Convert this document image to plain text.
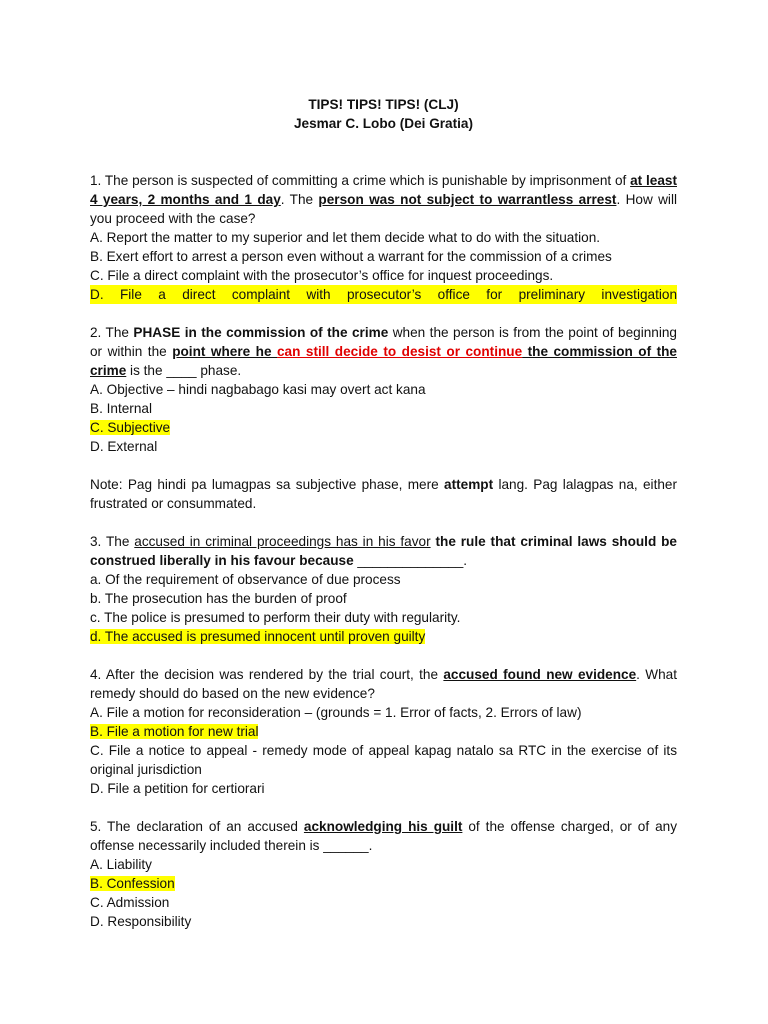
TIPS! TIPS! TIPS! (CLJ)

Jesmar C. Lobo (Dei Gratia)

1. The person is suspected of committing a crime which is punishable by imprisonment of at least 4 years, 2 months and 1 day. The person was not subject to warrantless arrest. How will you proceed with the case?

A. Report the matter to my superior and let them decide what to do with the situation.

B. Exert effort to arrest a person even without a warrant for the commission of a crimes

C. File a direct complaint with the prosecutor’s office for inquest proceedings.

D. File a direct complaint with prosecutor’s office for preliminary investigation

2. The PHASE in the commission of the crime when the person is from the point of beginning or within the point where he can still decide to desist or continue the commission of the crime is the ____ phase.

A. Objective – hindi nagbabago kasi may overt act kana

B. Internal

C. Subjective

D. External

Note: Pag hindi pa lumagpas sa subjective phase, mere attempt lang. Pag lalagpas na, either frustrated or consummated.

3. The accused in criminal proceedings has in his favor the rule that criminal laws should be construed liberally in his favour because ______________.

a. Of the requirement of observance of due process

b. The prosecution has the burden of proof

c. The police is presumed to perform their duty with regularity.

d. The accused is presumed innocent until proven guilty

4. After the decision was rendered by the trial court, the accused found new evidence. What remedy should do based on the new evidence?

A. File a motion for reconsideration – (grounds = 1. Error of facts, 2. Errors of law)

B. File a motion for new trial

C. File a notice to appeal - remedy mode of appeal kapag natalo sa RTC in the exercise of its original jurisdiction

D. File a petition for certiorari

5. The declaration of an accused acknowledging his guilt of the offense charged, or of any offense necessarily included therein is ______.

A. Liability

B. Confession

C. Admission

D. Responsibility
